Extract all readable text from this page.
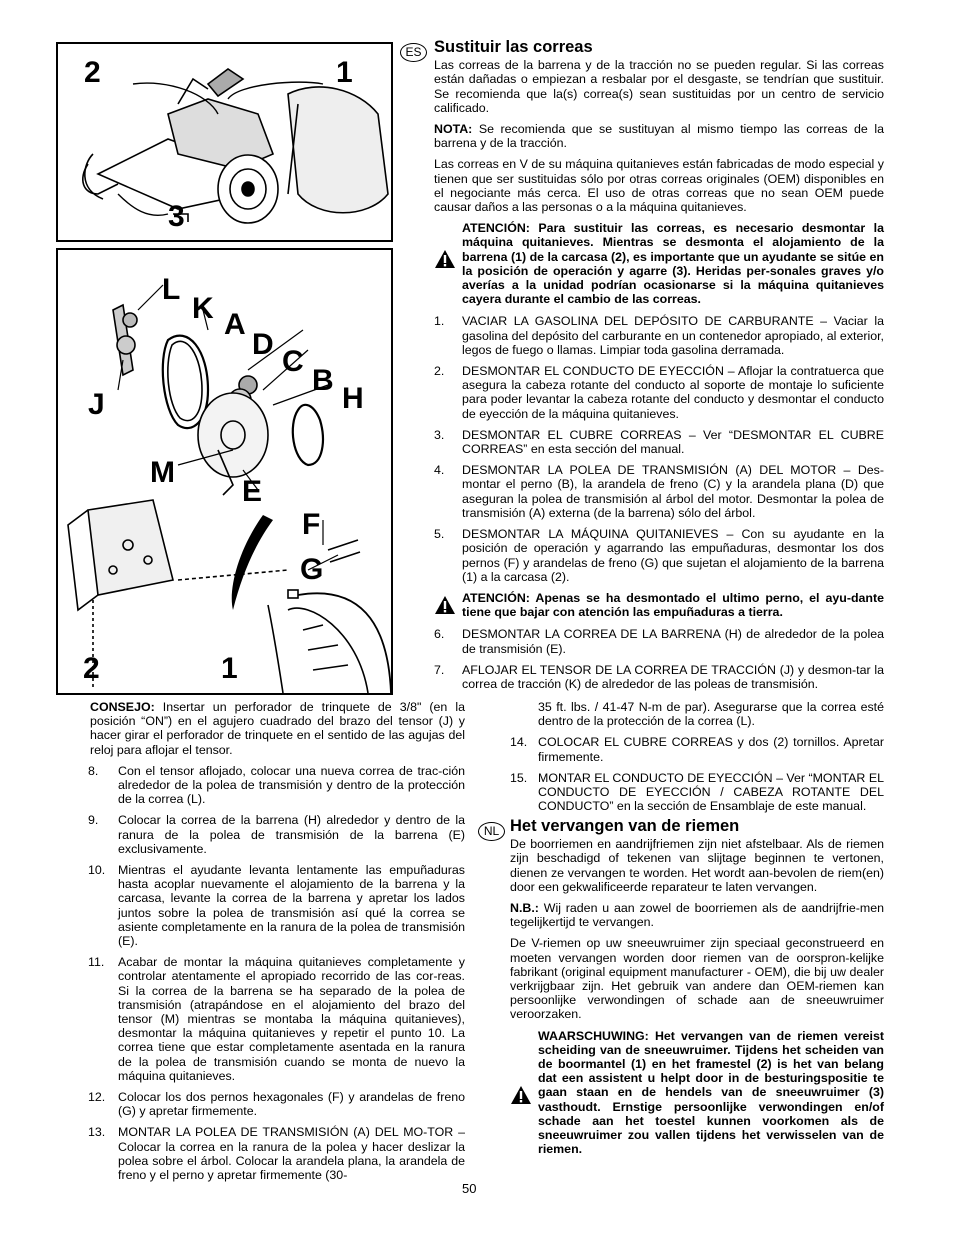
2	1
3
L
K A
D
C
B
H
J
M
E
F
G
2	1

CONSEJO: Insertar un perforador de trinquete de 3/8" (en la posición “ON”) en el agujero cuadrado del brazo del tensor (J) y hacer girar el perforador de trinquete en el sentido de las agujas del reloj para aflojar el tensor.

8. Con el tensor aflojado, colocar una nueva correa de trac-ción alrededor de la polea de transmisión y dentro de la protección de la correa (L).
9. Colocar la correa de la barrena (H) alrededor y dentro de la ranura de la polea de transmisión de la barrena (E) exclusivamente.
10. Mientras el ayudante levanta lentamente las empuñaduras hasta acoplar nuevamente el alojamiento de la barrena y la carcasa, levante la correa de la barrena y apretar los lados juntos sobre la polea de transmisión así qué la correa se asiente completamente en la ranura de la polea de transmisión (E).
11. Acabar de montar la máquina quitanieves completamente y controlar atentamente el apropiado recorrido de las cor-reas. Si la correa de la barrena se ha separado de la polea de transmisión (atrapándose en el alojamiento del brazo del tensor (M) mientras se montaba la máquina quitanieves), desmontar la máquina quitanieves y repetir el punto 10. La correa tiene que estar completamente asentada en la ranura de la polea de transmisión cuando se monta de nuevo la máquina quitanieves.
12. Colocar los dos pernos hexagonales (F) y arandelas de freno (G) y apretar firmemente.
13. MONTAR LA POLEA DE TRANSMISIÓN (A) DEL MO-TOR – Colocar la correa en la ranura de la polea y hacer deslizar la polea sobre el árbol. Colocar la arandela plana, la arandela de freno y el perno y apretar firmemente (30-
ES Sustituir las correas

Las correas de la barrena y de la tracción no se pueden regular. Si las correas están dañadas o empiezan a resbalar por el desgaste, se tendrían que sustituir. Se recomienda que la(s) correa(s) sean sustituidas por un centro de servicio calificado.

NOTA: Se recomienda que se sustituyan al mismo tiempo las correas de la barrena y de la tracción.

Las correas en V de su máquina quitanieves están fabricadas de modo especial y tienen que ser sustituidas sólo por otras correas originales (OEM) disponibles en el negociante más cerca. El uso de otras correas que no sean OEM puede causar daños a las personas o a la máquina quitanieves.

ATENCIÓN: Para sustituir las correas, es necesario desmontar la máquina quitanieves. Mientras se desmonta el alojamiento de la barrena (1) de la carcasa (2), es importante que un ayudante se sitúe en la posición de operación y agarre (3). Heridas per-sonales graves y/o averías a la unidad podrían ocasionarse si la máquina quitanieves cayera durante el cambio de las correas.
1. VACIAR LA GASOLINA DEL DEPÓSITO DE CARBURANTE – Vaciar la gasolina del depósito del carburante en un contenedor apropiado, al exterior, legos de fuego o llamas. Limpiar toda gasolina derramada.
2. DESMONTAR EL CONDUCTO DE EYECCIÓN – Aflojar la contratuerca que asegura la cabeza rotante del conducto al soporte de montaje lo suficiente para poder levantar la cabeza rotante del conducto y desmontar el conducto de eyección de la máquina quitanieves.
3. DESMONTAR EL CUBRE CORREAS – Ver “DESMONTAR EL CUBRE CORREAS” en esta sección del manual.
4. DESMONTAR LA POLEA DE TRANSMISIÓN (A) DEL MOTOR – Des-montar el perno (B), la arandela de freno (C) y la arandela plana (D) que aseguran la polea de transmisión al árbol del motor. Desmontar la polea de transmisión (A) externa (de la barrena) sólo del árbol.
5. DESMONTAR LA MÁQUINA QUITANIEVES – Con su ayudante en la posición de operación y agarrando las empuñaduras, desmontar los dos pernos (F) y arandelas de freno (G) que sujetan el alojamiento de la barrena (1) a la carcasa (2).
ATENCIÓN: Apenas se ha desmontado el ultimo perno, el ayu-dante tiene que bajar con atención las empuñaduras a tierra.
6. DESMONTAR LA CORREA DE LA BARRENA (H) de alrededor de la polea de transmisión (E).
7. AFLOJAR EL TENSOR DE LA CORREA DE TRACCIÓN (J) y desmon-tar la correa de tracción (K) de alrededor de las poleas de transmisión.
35 ft. lbs. / 41-47 N-m de par). Asegurarse que la correa esté dentro de la protección de la correa (L).
14. COLOCAR EL CUBRE CORREAS y dos (2) tornillos. Apretar firmemente.
15. MONTAR EL CONDUCTO DE EYECCIÓN – Ver “MONTAR EL CONDUCTO DE EYECCIÓN / CABEZA ROTANTE DEL CONDUCTO” en la sección de Ensamblaje de este manual.
NL Het vervangen van de riemen

De boorriemen en aandrijfriemen zijn niet afstelbaar. Als de riemen zijn beschadigd of tekenen van slijtage beginnen te vertonen, dienen ze vervangen te worden. Het wordt aan-bevolen de riem(en) door een gekwalificeerde reparateur te laten vervangen.

N.B.: Wij raden u aan zowel de boorriemen als de aandrijfrie-men tegelijkertijd te vervangen.

De V-riemen op uw sneeuwruimer zijn speciaal geconstrueerd en moeten vervangen worden door riemen van de oorspron-kelijke fabrikant (original equipment manufacturer - OEM), die bij uw dealer verkrijgbaar zijn. Het gebruik van andere dan OEM-riemen kan persoonlijke verwondingen of schade aan de sneeuwruimer veroorzaken.

WAARSCHUWING: Het vervangen van de riemen vereist scheiding van de sneeuwruimer. Tijdens het scheiden van de boormantel (1) en het framestel (2) is het van belang dat een assistent u helpt door in de besturingspositie te gaan staan en de hendels van de sneeuwruimer (3) vasthoudt. Ernstige persoonlijke verwondingen en/of schade aan het toestel kunnen voorkomen als de sneeuwruimer zou vallen tijdens het verwisselen van de riemen.
50
